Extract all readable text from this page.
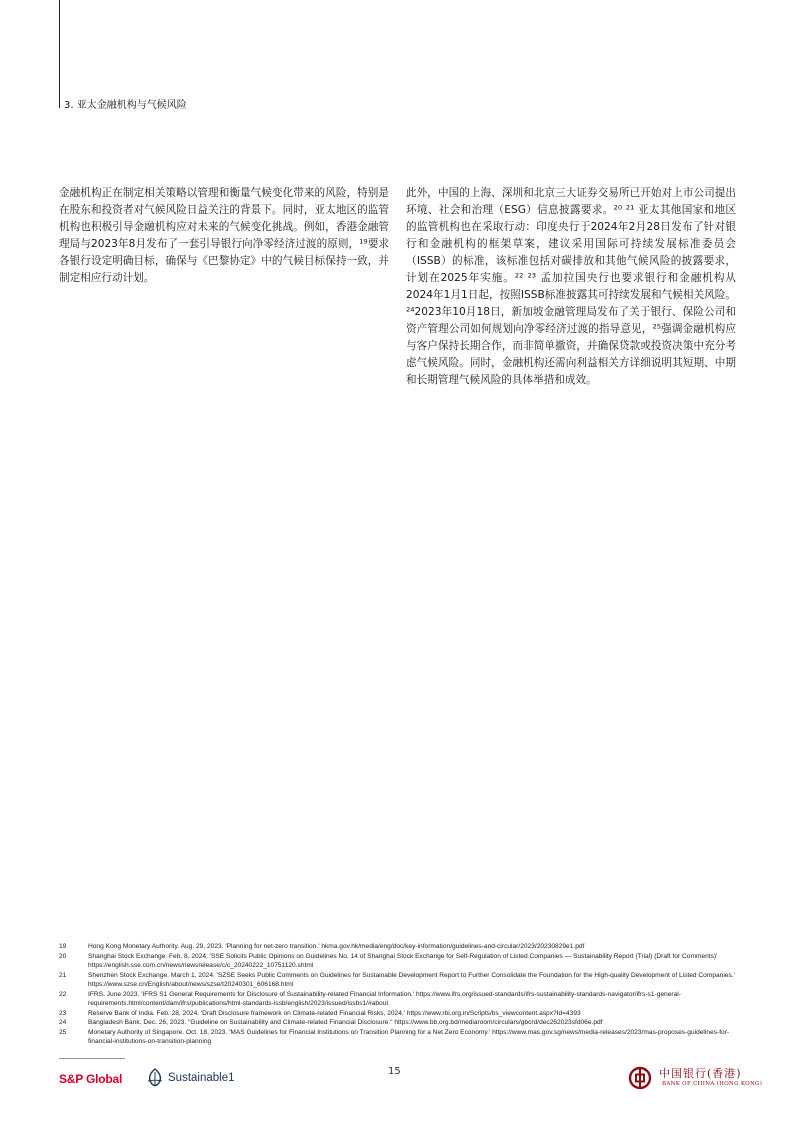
3. 亚太金融机构与气候风险

金融机构正在制定相关策略以管理和衡量气候变化带来的风险，特别是在股东和投资者对气候风险日益关注的背景下。同时，亚太地区的监管机构也积极引导金融机构应对未来的气候变化挑战。例如，香港金融管理局与2023年8月发布了一套引导银行向净零经济过渡的原则，¹⁹要求各银行设定明确目标，确保与《巴黎协定》中的气候目标保持一致，并制定相应行动计划。

此外，中国的上海、深圳和北京三大证券交易所已开始对上市公司提出环境、社会和治理（ESG）信息披露要求。²⁰ ²¹ 亚太其他国家和地区的监管机构也在采取行动：印度央行于2024年2月28日发布了针对银行和金融机构的框架草案，建议采用国际可持续发展标准委员会（ISSB）的标准，该标准包括对碳排放和其他气候风险的披露要求，计划在2025年实施。²² ²³ 孟加拉国央行也要求银行和金融机构从2024年1月1日起，按照ISSB标准披露其可持续发展和气候相关风险。²⁴2023年10月18日，新加坡金融管理局发布了关于银行、保险公司和资产管理公司如何规划向净零经济过渡的指导意见，²⁵强调金融机构应与客户保持长期合作，而非简单撤资，并确保贷款或投资决策中充分考虑气候风险。同时，金融机构还需向利益相关方详细说明其短期、中期和长期管理气候风险的具体举措和成效。

19	Hong Kong Monetary Authority. Aug. 29, 2023. 'Planning for net-zero transition.' hkma.gov.hk/media/eng/doc/key-information/guidelines-and-circular/2023/20230829e1.pdf
20	Shanghai Stock Exchange. Feb. 8, 2024. 'SSE Solicits Public Opinions on Guidelines No. 14 of Shanghai Stock Exchange for Self-Regulation of Listed Companies — Sustainability Report (Trial) (Draft for Comments)' https://english.sse.com.cn/news/newsrelease/c/c_20240222_10751120.shtml
21	Shenzhen Stock Exchange. March 1, 2024. 'SZSE Seeks Public Comments on Guidelines for Sustainable Development Report to Further Consolidate the Foundation for the High-quality Development of Listed Companies.' https://www.szse.cn/English/about/news/szse/t20240301_606168.html
22	IFRS. June 2023. 'IFRS S1 General Requirements for Disclosure of Sustainability-related Financial Information.' https://www.ifrs.org/issued-standards/ifrs-sustainability-standards-navigator/ifrs-s1-general-requirements.html/content/dam/ifrs/publications/html-standards-issb/english/2023/issued/issbs1/#about
23	Reserve Bank of India. Feb. 28, 2024. 'Draft Disclosure framework on Climate-related Financial Risks, 2024.' https://www.rbi.org.in/Scripts/bs_viewcontent.aspx?Id=4393
24	Bangladesh Bank. Dec. 26, 2023. "Guideline on Sustainability and Climate-related Financial Disclosure." https://www.bb.org.bd/mediaroom/circulars/gbcrd/dec262023sfd06e.pdf
25	Monetary Authority of Singapore. Oct. 18, 2023. 'MAS Guidelines for Financial Institutions on Transition Planning for a Net Zero Economy.' https://www.mas.gov.sg/news/media-releases/2023/mas-proposes-guidelines-for-financial-institutions-on-transition-planning
S&P Global	Sustainable1
15	中国银行(香港)
BANK OF CHINA (HONG KONG)
